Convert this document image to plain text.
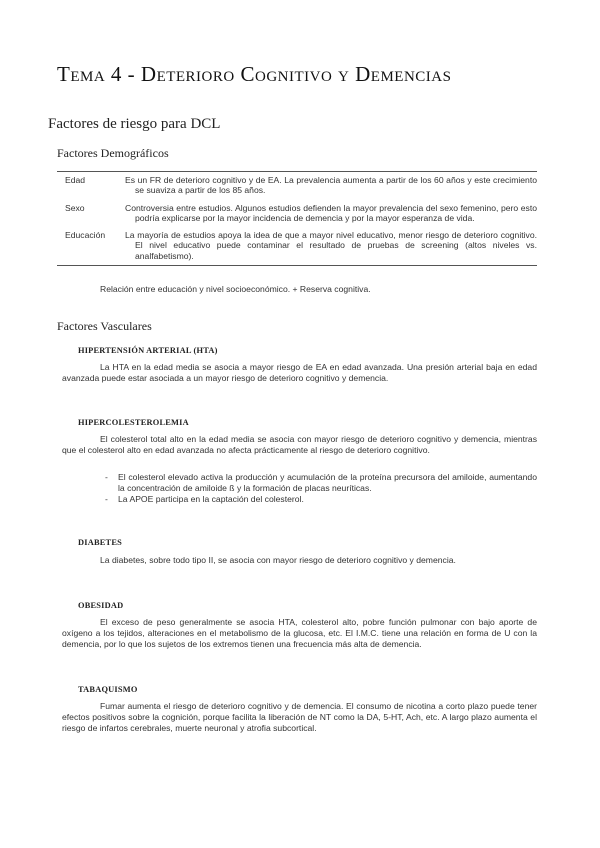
Tema 4 - Deterioro Cognitivo y Demencias
Factores de riesgo para DCL
Factores Demográficos
Edad	Es un FR de deterioro cognitivo y de EA. La prevalencia aumenta a partir de los 60 años y este crecimiento se suaviza a partir de los 85 años.

Sexo	Controversia entre estudios. Algunos estudios defienden la mayor prevalencia del sexo femenino, pero esto podría explicarse por la mayor incidencia de demencia y por la mayor esperanza de vida.

Educación	La mayoría de estudios apoya la idea de que a mayor nivel educativo, menor riesgo de deterioro cognitivo. El nivel educativo puede contaminar el resultado de pruebas de screening (altos niveles vs. analfabetismo).
Relación entre educación y nivel socioeconómico. + Reserva cognitiva.
Factores Vasculares
HIPERTENSIÓN ARTERIAL (HTA)

La HTA en la edad media se asocia a mayor riesgo de EA en edad avanzada. Una presión arterial baja en edad avanzada puede estar asociada a un mayor riesgo de deterioro cognitivo y demencia.

HIPERCOLESTEROLEMIA

El colesterol total alto en la edad media se asocia con mayor riesgo de deterioro cognitivo y demencia, mientras que el colesterol alto en edad avanzada no afecta prácticamente al riesgo de deterioro cognitivo.

- El colesterol elevado activa la producción y acumulación de la proteína precursora del amiloide, aumentando la concentración de amiloide ß y la formación de placas neuríticas.
- La APOE participa en la captación del colesterol.
DIABETES

La diabetes, sobre todo tipo II, se asocia con mayor riesgo de deterioro cognitivo y demencia.

OBESIDAD

El exceso de peso generalmente se asocia HTA, colesterol alto, pobre función pulmonar con bajo aporte de oxígeno a los tejidos, alteraciones en el metabolismo de la glucosa, etc. El I.M.C. tiene una relación en forma de U con la demencia, por lo que los sujetos de los extremos tienen una frecuencia más alta de demencia.

TABAQUISMO

Fumar aumenta el riesgo de deterioro cognitivo y de demencia. El consumo de nicotina a corto plazo puede tener efectos positivos sobre la cognición, porque facilita la liberación de NT como la DA, 5-HT, Ach, etc. A largo plazo aumenta el riesgo de infartos cerebrales, muerte neuronal y atrofia subcortical.
